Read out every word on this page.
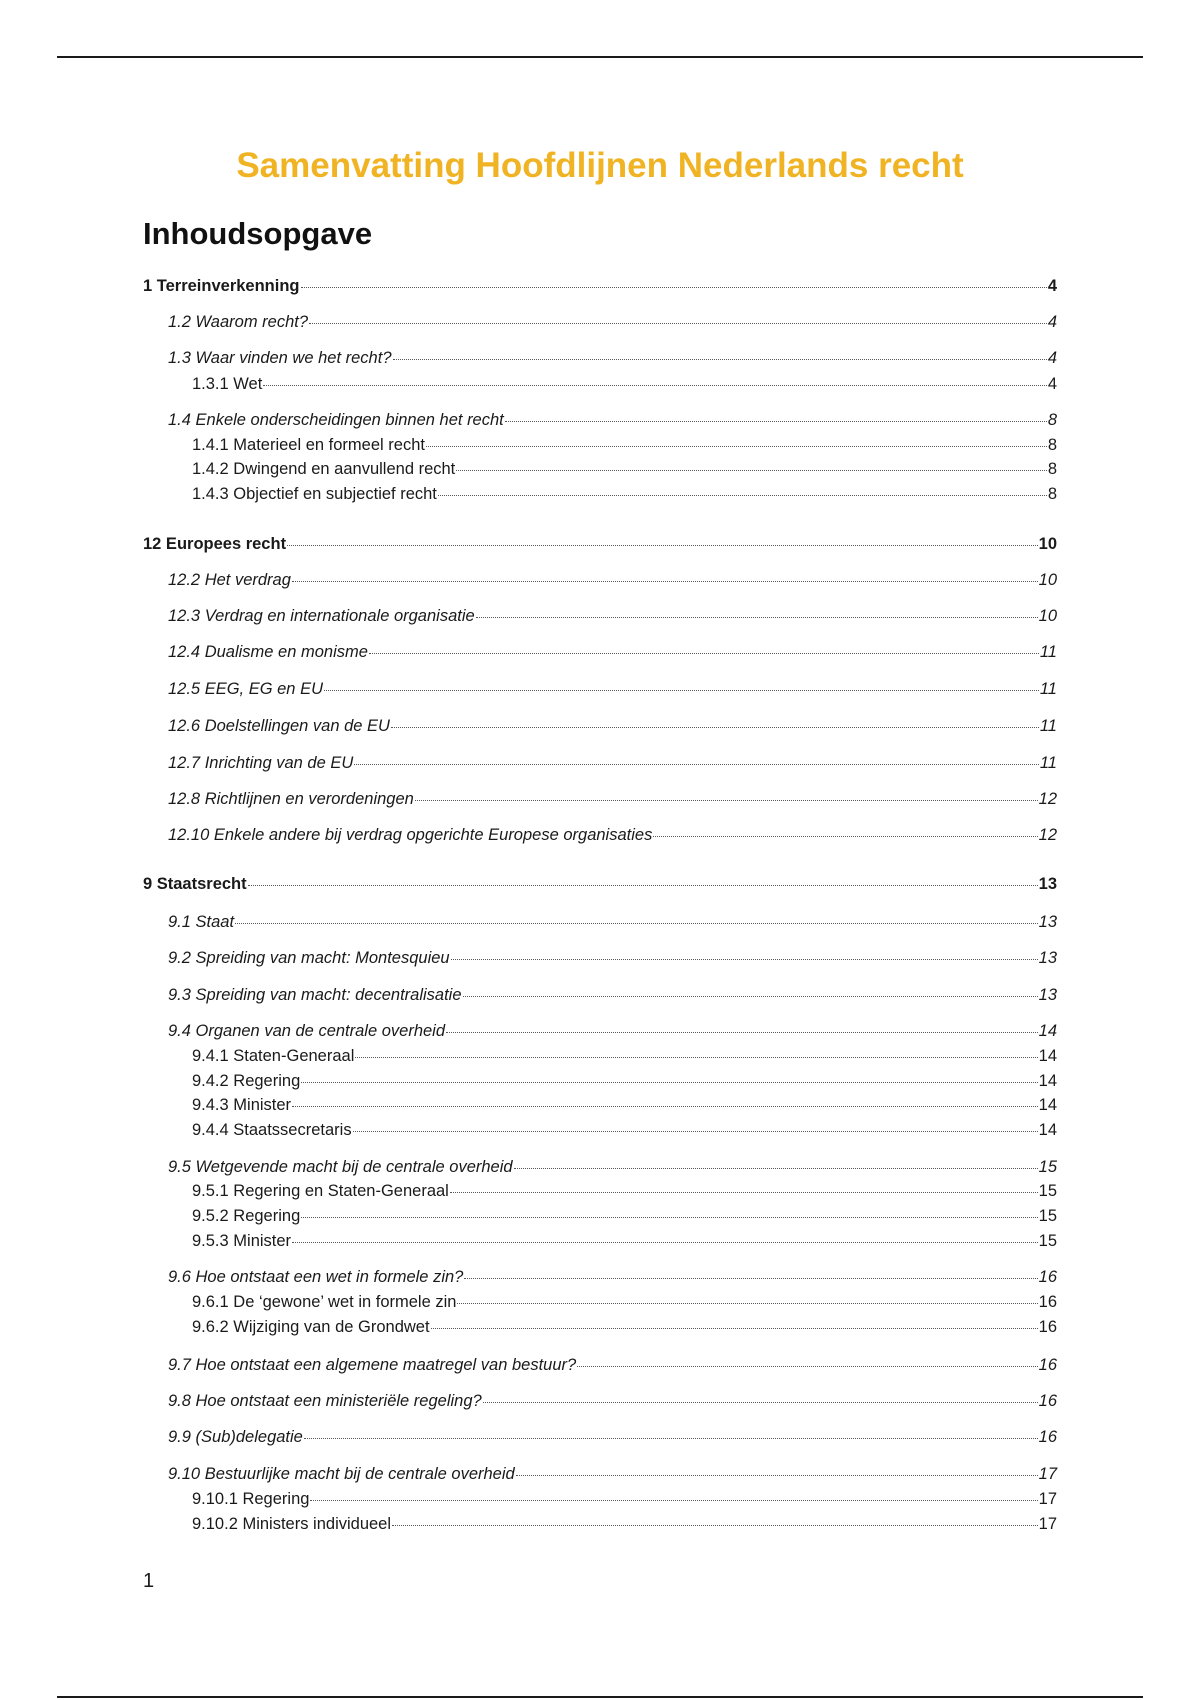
Samenvatting Hoofdlijnen Nederlands recht
Inhoudsopgave
1 Terreinverkenning	4
1.2 Waarom recht?	4
1.3 Waar vinden we het recht?	4
1.3.1 Wet	4
1.4 Enkele onderscheidingen binnen het recht	8
1.4.1 Materieel en formeel recht	8
1.4.2 Dwingend en aanvullend recht	8
1.4.3 Objectief en subjectief recht	8
12 Europees recht	10
12.2 Het verdrag	10
12.3 Verdrag en internationale organisatie	10
12.4 Dualisme en monisme	11
12.5 EEG, EG en EU	11
12.6 Doelstellingen van de EU	11
12.7 Inrichting van de EU	11
12.8 Richtlijnen en verordeningen	12
12.10 Enkele andere bij verdrag opgerichte Europese organisaties	12
9 Staatsrecht	13
9.1 Staat	13
9.2 Spreiding van macht: Montesquieu	13
9.3 Spreiding van macht: decentralisatie	13
9.4 Organen van de centrale overheid	14
9.4.1 Staten-Generaal	14
9.4.2 Regering	14
9.4.3 Minister	14
9.4.4 Staatssecretaris	14
9.5 Wetgevende macht bij de centrale overheid	15
9.5.1 Regering en Staten-Generaal	15
9.5.2 Regering	15
9.5.3 Minister	15
9.6 Hoe ontstaat een wet in formele zin?	16
9.6.1 De ‘gewone’ wet in formele zin	16
9.6.2 Wijziging van de Grondwet	16
9.7 Hoe ontstaat een algemene maatregel van bestuur?	16
9.8 Hoe ontstaat een ministeriële regeling?	16
9.9 (Sub)delegatie	16
9.10 Bestuurlijke macht bij de centrale overheid	17
9.10.1 Regering	17
9.10.2 Ministers individueel	17
1
